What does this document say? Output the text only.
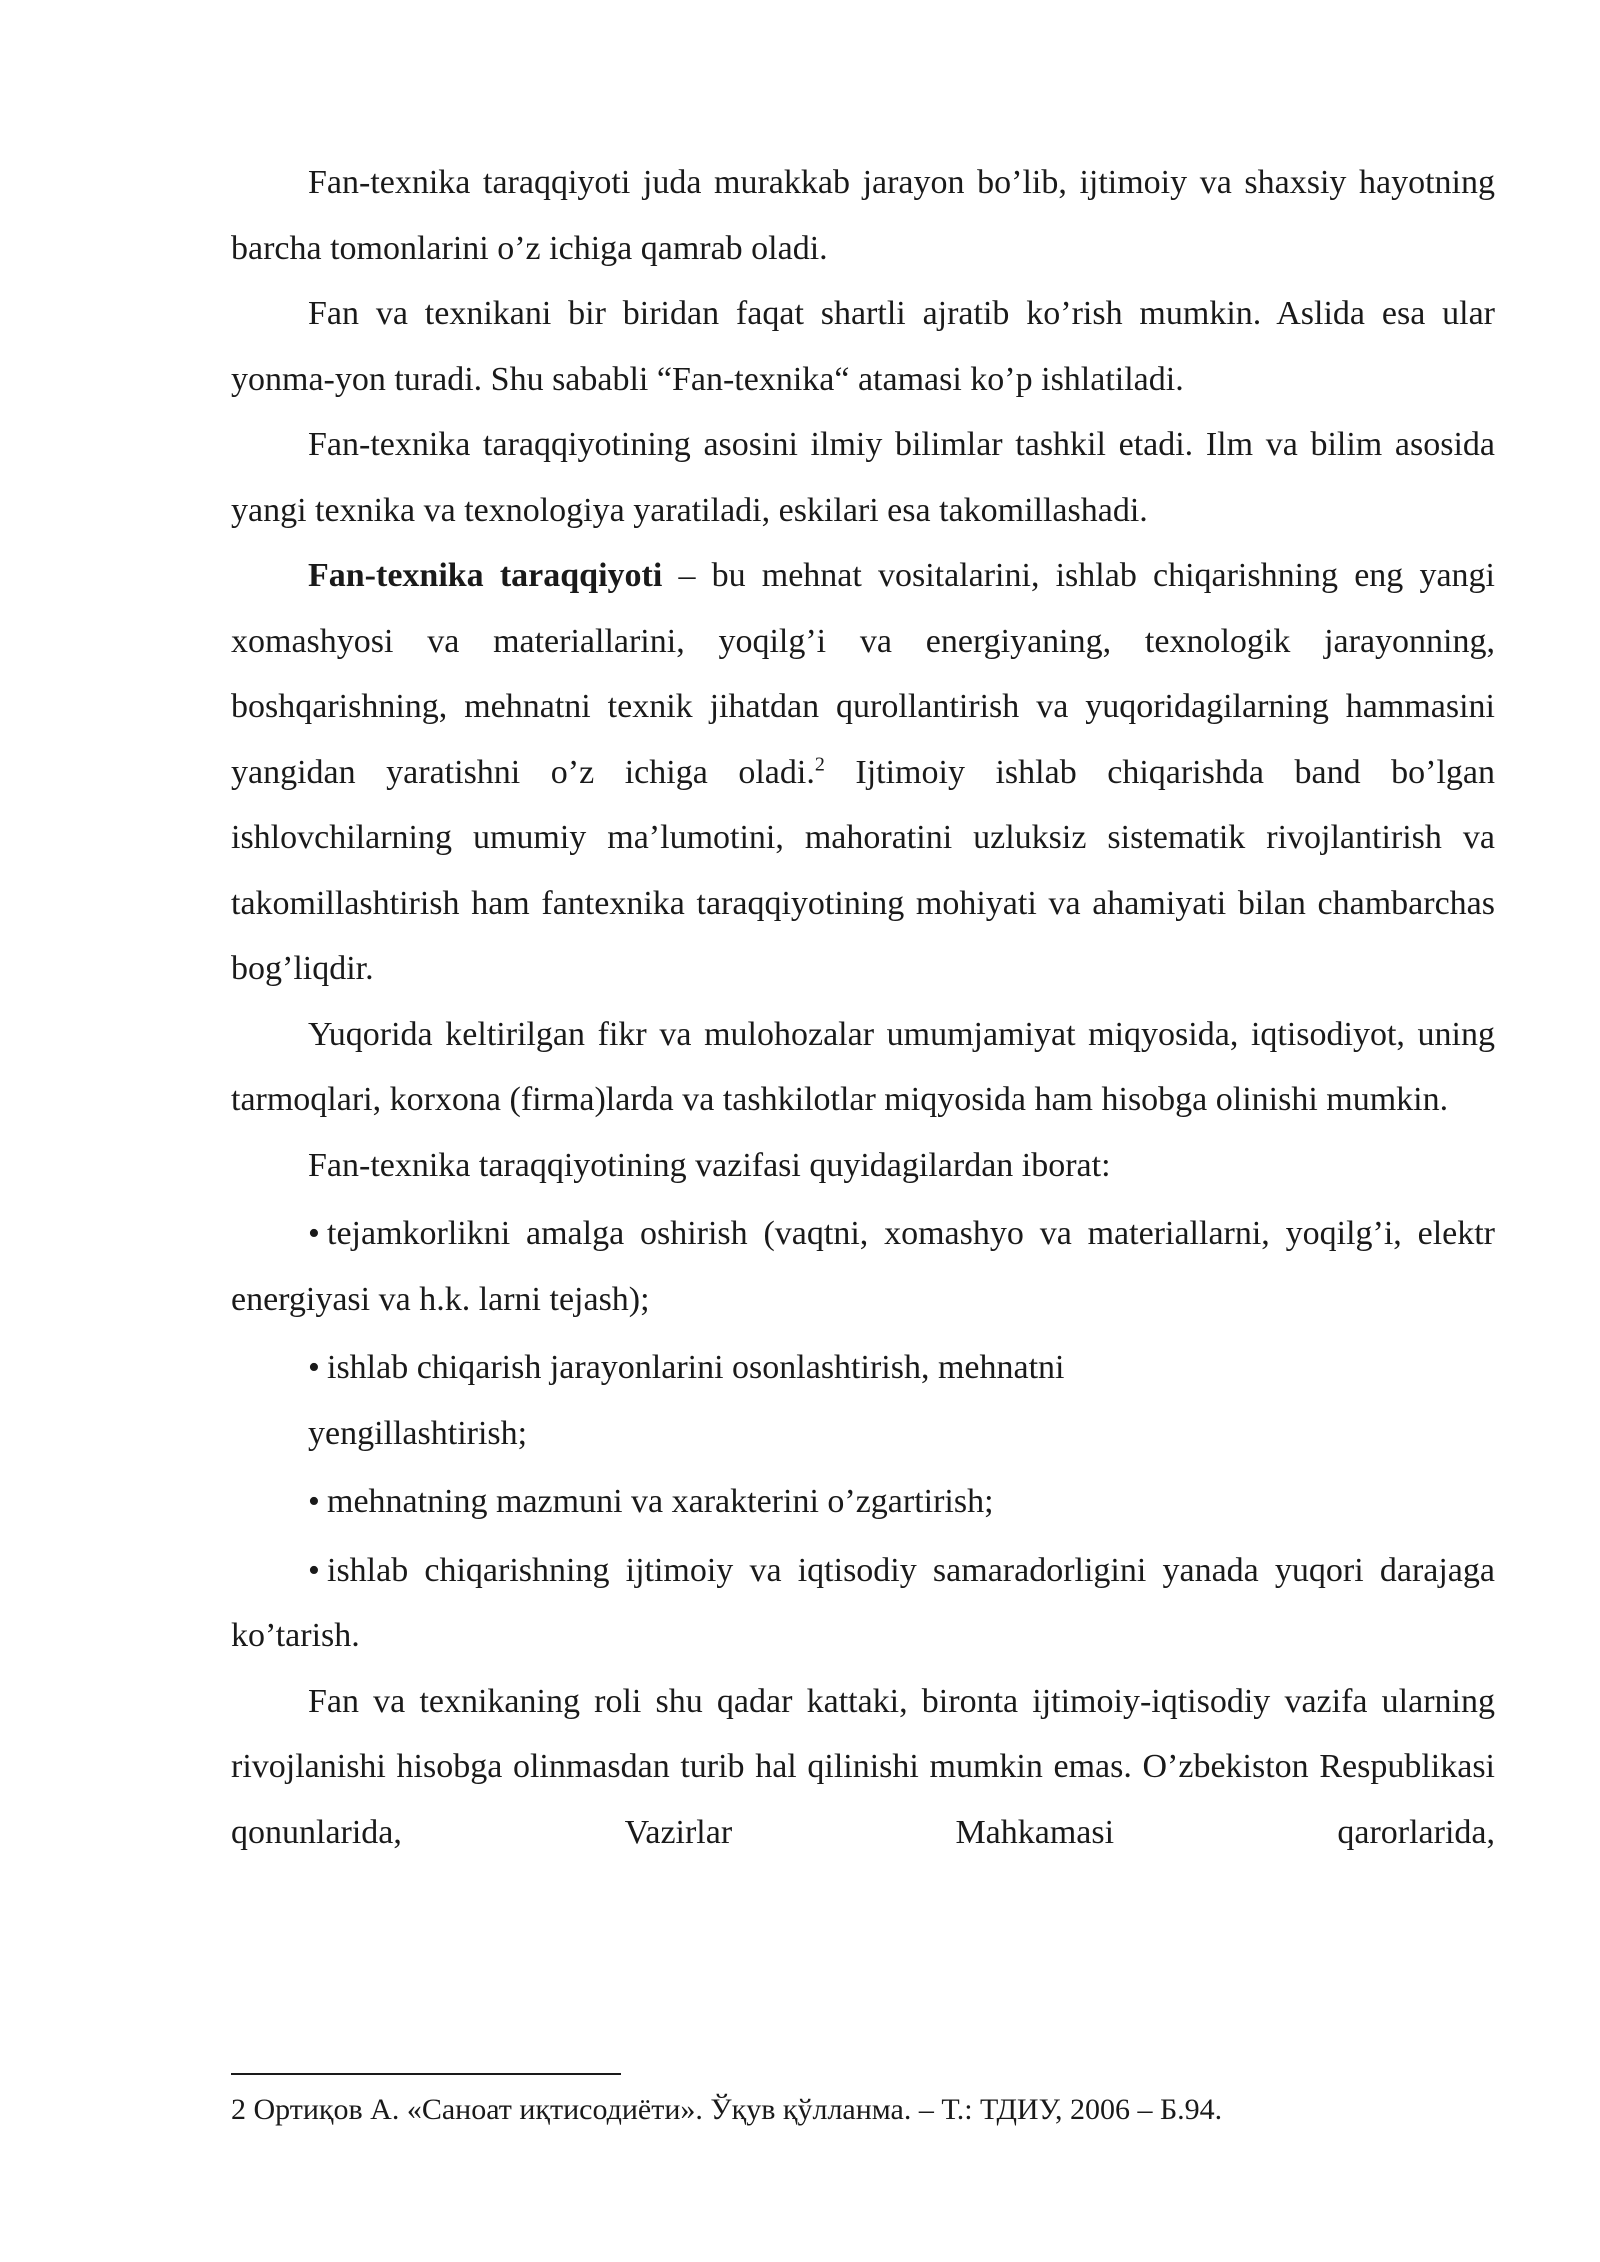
Fan-texnika taraqqiyoti juda murakkab jarayon bo’lib, ijtimoiy va shaxsiy hayotning barcha tomonlarini o’z ichiga qamrab oladi.

Fan va texnikani bir biridan faqat shartli ajratib ko’rish mumkin. Aslida esa ular yonma-yon turadi. Shu sababli “Fan-texnika“ atamasi ko’p ishlatiladi.

Fan-texnika taraqqiyotining asosini ilmiy bilimlar tashkil etadi. Ilm va bilim asosida yangi texnika va texnologiya yaratiladi, eskilari esa takomillashadi.

Fan-texnika taraqqiyoti – bu mehnat vositalarini, ishlab chiqarishning eng yangi xomashyosi va materiallarini, yoqilg’i va energiyaning, texnologik jarayonning, boshqarishning, mehnatni texnik jihatdan qurollantirish va yuqoridagilarning hammasini yangidan yaratishni o’z ichiga oladi.$^2$ Ijtimoiy ishlab chiqarishda band bo’lgan ishlovchilarning umumiy ma’lumotini, mahoratini uzluksiz sistematik rivojlantirish va takomillashtirish ham fantexnika taraqqiyotining mohiyati va ahamiyati bilan chambarchas bog’liqdir.

Yuqorida keltirilgan fikr va mulohozalar umumjamiyat miqyosida, iqtisodiyot, uning tarmoqlari, korxona (firma)larda va tashkilotlar miqyosida ham hisobga olinishi mumkin.

Fan-texnika taraqqiyotining vazifasi quyidagilardan iborat:

• tejamkorlikni amalga oshirish (vaqtni, xomashyo va materiallarni, yoqilg’i, elektr energiyasi va h.k. larni tejash);

• ishlab chiqarish jarayonlarini osonlashtirish, mehnatni

yengillashtirish;

• mehnatning mazmuni va xarakterini o’zgartirish;

• ishlab chiqarishning ijtimoiy va iqtisodiy samaradorligini yanada yuqori darajaga ko’tarish.

Fan va texnikaning roli shu qadar kattaki, bironta ijtimoiy-iqtisodiy vazifa ularning rivojlanishi hisobga olinmasdan turib hal qilinishi mumkin emas. O’zbekiston Respublikasi qonunlarida, Vazirlar Mahkamasi qarorlarida,

2 Ортиқов А. «Саноат иқтисодиёти». Ўқув қўлланма. – Т.: ТДИУ, 2006 – Б.94.
